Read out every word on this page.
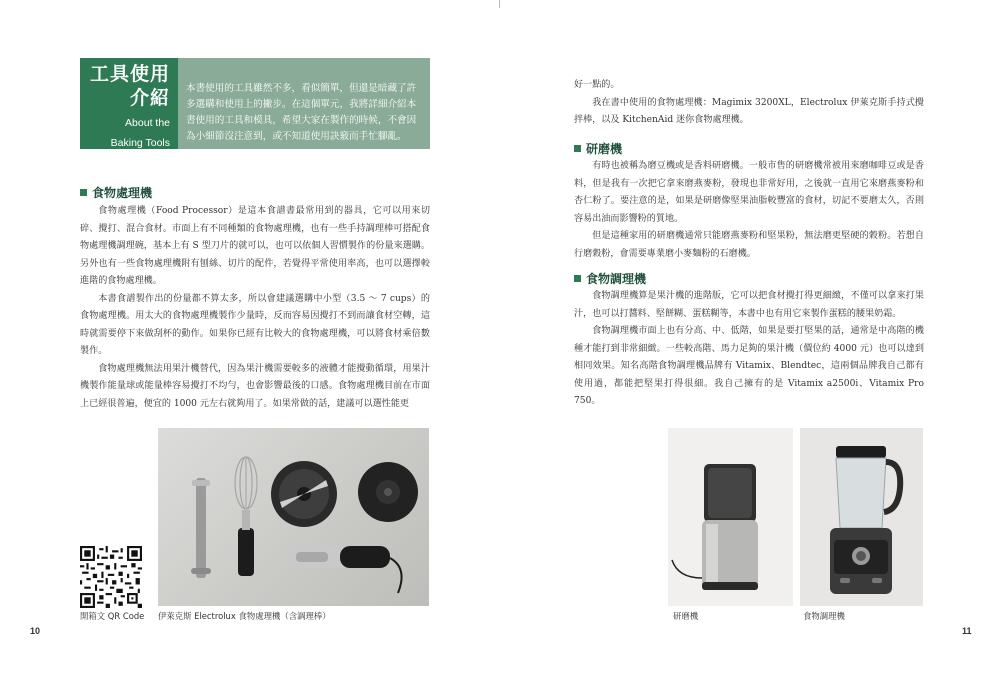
工具使用
介紹
About the
Baking Tools
本書使用的工具雖然不多，看似簡單，但還是暗藏了許
多選購和使用上的撇步。在這個單元，我將詳細介紹本
書使用的工具和模具，希望大家在製作的時候，不會因
為小細節沒注意到，或不知道使用訣竅而手忙腳亂。
食物處理機

食物處理機（Food Processor）是這本食譜書最常用到的器具，它可以用來切碎、攪打、混合食材。市面上有不同種類的食物處理機，也有一些手持調理棒可搭配食物處理機調理碗，基本上有 S 型刀片的就可以，也可以依個人習慣製作的份量來選購。另外也有一些食物處理機附有刨絲、切片的配件，若覺得平常使用率高，也可以選擇較進階的食物處理機。

本書食譜製作出的份量都不算太多，所以會建議選購中小型（3.5 ～ 7 cups）的食物處理機。用太大的食物處理機製作少量時，反而容易因攪打不到而讓食材空轉，這時就需要停下來做刮杯的動作。如果你已經有比較大的食物處理機，可以將食材乘倍數製作。

食物處理機無法用果汁機替代，因為果汁機需要較多的液體才能攪動循環，用果汁機製作能量球或能量棒容易攪打不均勻，也會影響最後的口感。食物處理機目前在市面上已經很普遍，便宜的 1000 元左右就夠用了。如果常做的話，建議可以選性能更

開箱文 QR Code 伊萊克斯 Electrolux 食物處理機（含調理棒）
10

好一點的。

我在書中使用的食物處理機：Magimix 3200XL，Electrolux 伊萊克斯手持式攪拌棒，以及 KitchenAid 迷你食物處理機。

研磨機

有時也被稱為磨豆機或是香料研磨機。一般市售的研磨機常被用來磨咖啡豆或是香料，但是我有一次把它拿來磨燕麥粉，發現也非常好用，之後就一直用它來磨燕麥粉和杏仁粉了。要注意的是，如果是研磨像堅果油脂較豐富的食材，切記不要磨太久，否則容易出油而影響粉的質地。

但是這種家用的研磨機通常只能磨燕麥粉和堅果粉，無法磨更堅硬的穀粉。若想自行磨穀粉，會需要專業磨小麥麵粉的石磨機。

食物調理機

食物調理機算是果汁機的進階版，它可以把食材攪打得更細緻，不僅可以拿來打果汁，也可以打醬料、堅餅糊、蛋糕糊等，本書中也有用它來製作蛋糕的腰果奶霜。

食物調理機市面上也有分高、中、低階，如果是要打堅果的話，通常是中高階的機種才能打到非常細緻。一些較高階、馬力足夠的果汁機（價位約 4000 元）也可以達到相同效果。知名高階食物調理機品牌有 Vitamix、Blendtec，這兩個品牌我自己都有使用過，都能把堅果打得很細。我自己擁有的是 Vitamix a2500i、Vitamix Pro 750。

研磨機	食物調理機
11
